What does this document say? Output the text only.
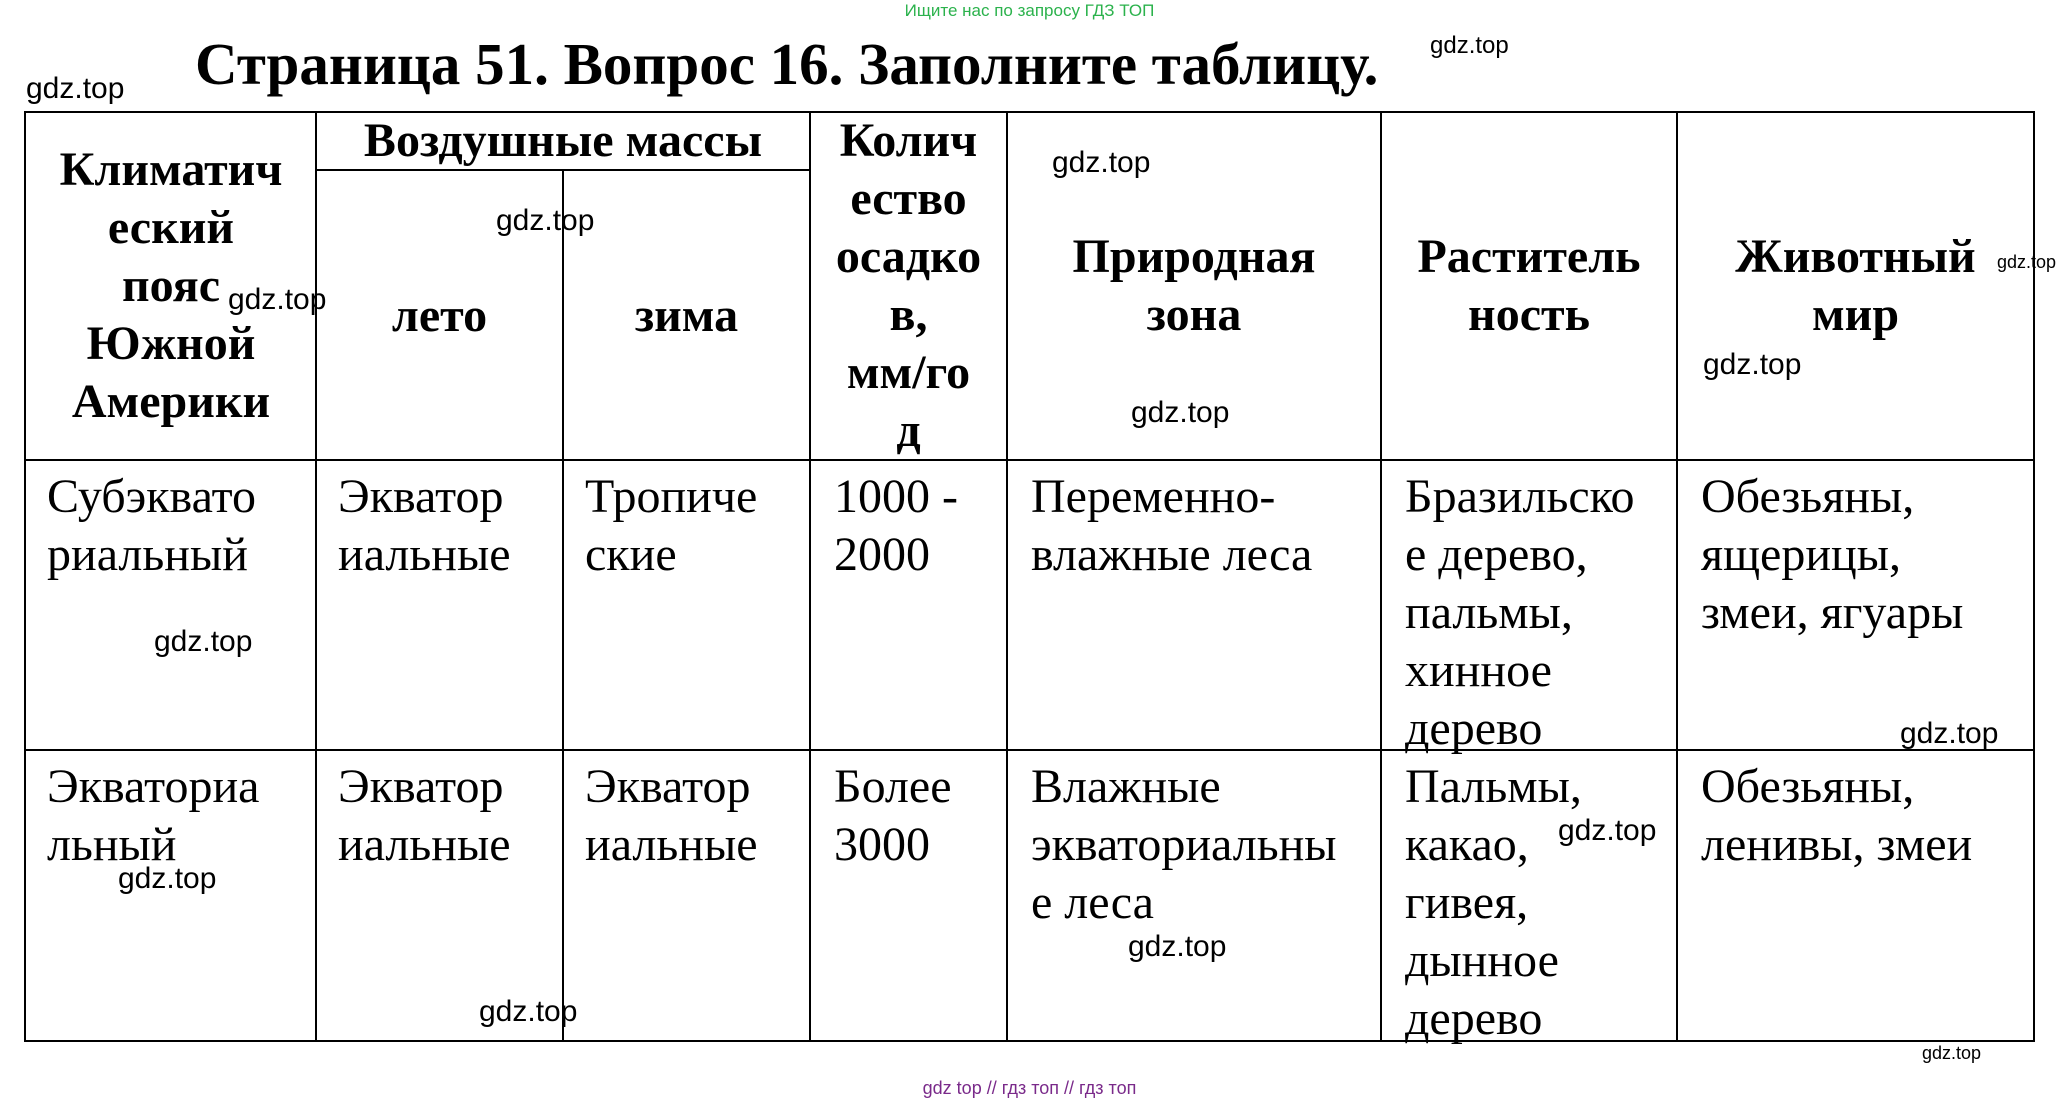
Ищите нас по запросу ГДЗ ТОП
Страница 51. Вопрос 16. Заполните таблицу.
Климатич
еский
пояс
Южной
Америки
Воздушные массы
лето	зима
Колич
ество
осадко
в,
мм/го
д
Природная
зона
Раститель
ность
Животный
мир
Субэквато
риальный
Экватор
иальные
Тропиче
ские
1000 -
2000
Переменно-
влажные леса
Бразильско
е дерево,
пальмы,
хинное
дерево
Обезьяны,
ящерицы,
змеи, ягуары
Экваториа
льный
Экватор
иальные
Экватор
иальные
Более
3000
Влажные
экваториальны
е леса
Пальмы,
какао,
гивея,
дынное
дерево
Обезьяны,
ленивы, змеи
gdz.top
gdz.top
gdz.top
gdz.top
gdz.top
gdz.top
gdz.top
gdz.top
gdz.top
gdz.top
gdz.top
gdz.top
gdz.top
gdz.top
gdz.top
gdz top // гдз топ // гдз топ
